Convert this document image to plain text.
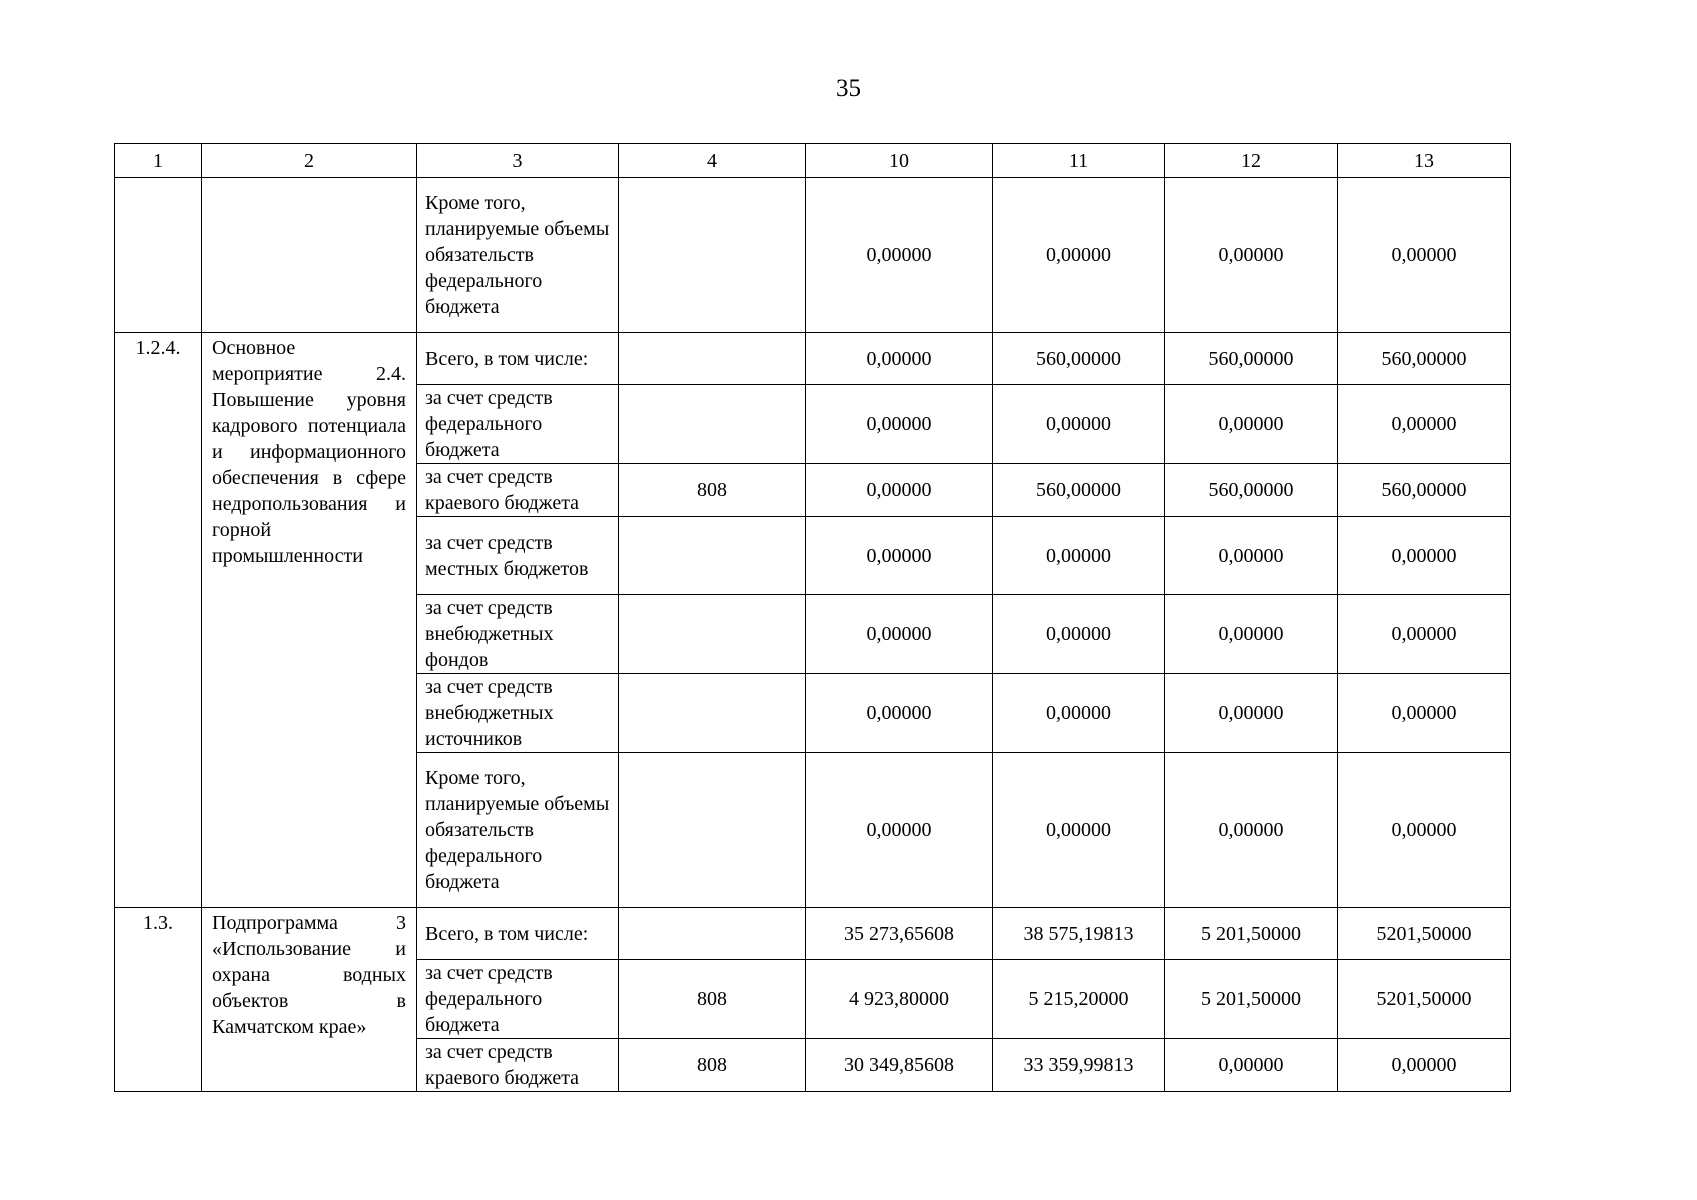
35
1	2	3	4	10	11	12	13
		Кроме того, планируемые объемы обязательств федерального бюджета		0,00000	0,00000	0,00000	0,00000
1.2.4.	Основное мероприятие 2.4. Повышение уровня кадрового потенциала и информационного обеспечения в сфере недропользования и горной промышленности	Всего, в том числе:		0,00000	560,00000	560,00000	560,00000
		за счет средств федерального бюджета		0,00000	0,00000	0,00000	0,00000
		за счет средств краевого бюджета	808	0,00000	560,00000	560,00000	560,00000
		за счет средств местных бюджетов		0,00000	0,00000	0,00000	0,00000
		за счет средств внебюджетных фондов		0,00000	0,00000	0,00000	0,00000
		за счет средств внебюджетных источников		0,00000	0,00000	0,00000	0,00000
		Кроме того, планируемые объемы обязательств федерального бюджета		0,00000	0,00000	0,00000	0,00000
1.3.	Подпрограмма 3 «Использование и охрана водных объектов в Камчатском крае»	Всего, в том числе:		35 273,65608	38 575,19813	5 201,50000	5201,50000
		за счет средств федерального бюджета	808	4 923,80000	5 215,20000	5 201,50000	5201,50000
		за счет средств краевого бюджета	808	30 349,85608	33 359,99813	0,00000	0,00000
